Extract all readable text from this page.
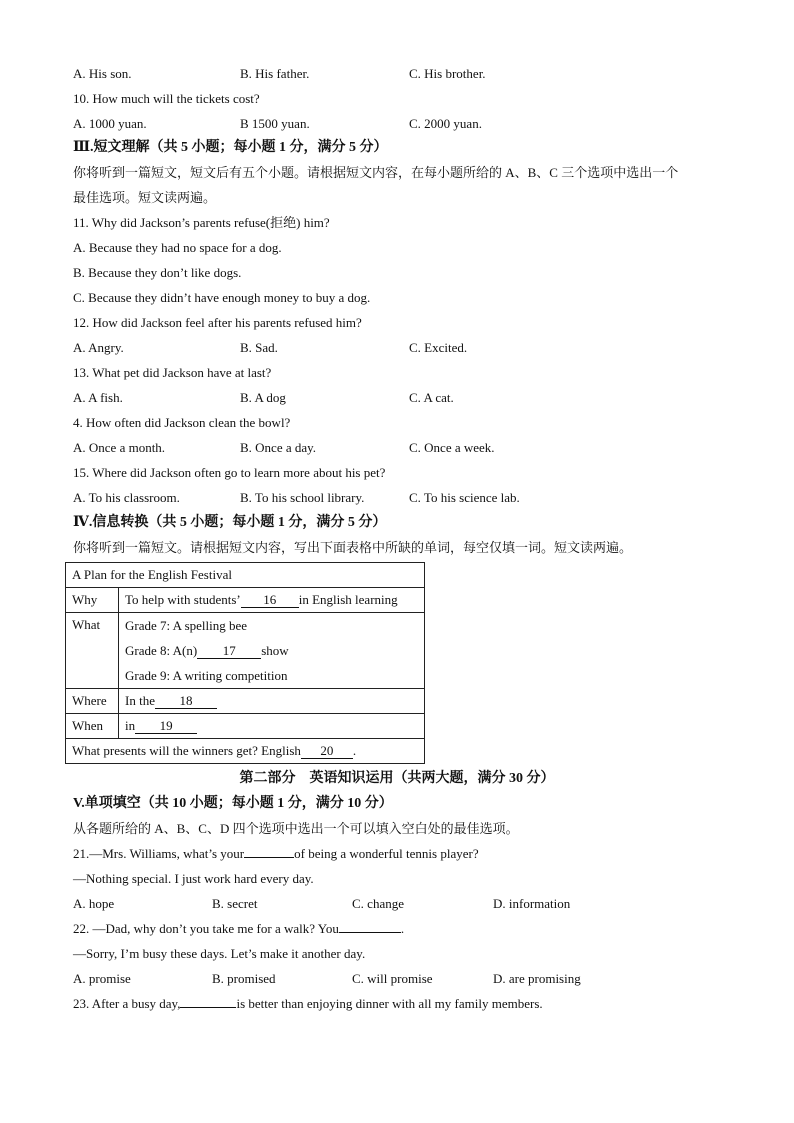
A. His son.	B. His father.	C. His brother.
10. How much will the tickets cost?
A. 1000 yuan.	B 1500 yuan.	C. 2000 yuan.
Ⅲ.短文理解（共 5 小题；每小题 1 分，满分 5 分）
你将听到一篇短文，短文后有五个小题。请根据短文内容，在每小题所给的 A、B、C 三个选项中选出一个
最佳选项。短文读两遍。
11. Why did Jackson’s parents refuse(拒绝) him?
A. Because they had no space for a dog.
B. Because they don’t like dogs.
C. Because they didn’t have enough money to buy a dog.
12. How did Jackson feel after his parents refused him?
A. Angry.	B. Sad.	C. Excited.
13. What pet did Jackson have at last?
A. A fish.	B. A dog	C. A cat.
4. How often did Jackson clean the bowl?
A. Once a month.	B. Once a day.	C. Once a week.
15. Where did Jackson often go to learn more about his pet?
A. To his classroom.	B. To his school library.	C. To his science lab.
Ⅳ.信息转换（共 5 小题；每小题 1 分，满分 5 分）
你将听到一篇短文。请根据短文内容，写出下面表格中所缺的单词，每空仅填一词。短文读两遍。
A Plan for the English Festival	
Why	To help with students’ 16 in English learning
What	Grade 7: A spelling bee
Grade 8: A(n) 17 show
Grade 9: A writing competition

Where	In the 18
When	in 19
What presents will the winners get? English 20 .	
第二部分　英语知识运用（共两大题，满分 30 分）
V.单项填空（共 10 小题；每小题 1 分，满分 10 分）
从各题所给的 A、B、C、D 四个选项中选出一个可以填入空白处的最佳选项。
21.—Mrs. Williams, what’s your	of being a wonderful tennis player?
—Nothing special. I just work hard every day.
A. hope	B. secret	C. change	D. information
22. —Dad, why don’t you take me for a walk? You	.
—Sorry, I’m busy these days. Let’s make it another day.
A. promise	B. promised	C. will promise	D. are promising
23. After a busy day,	is better than enjoying dinner with all my family members.
